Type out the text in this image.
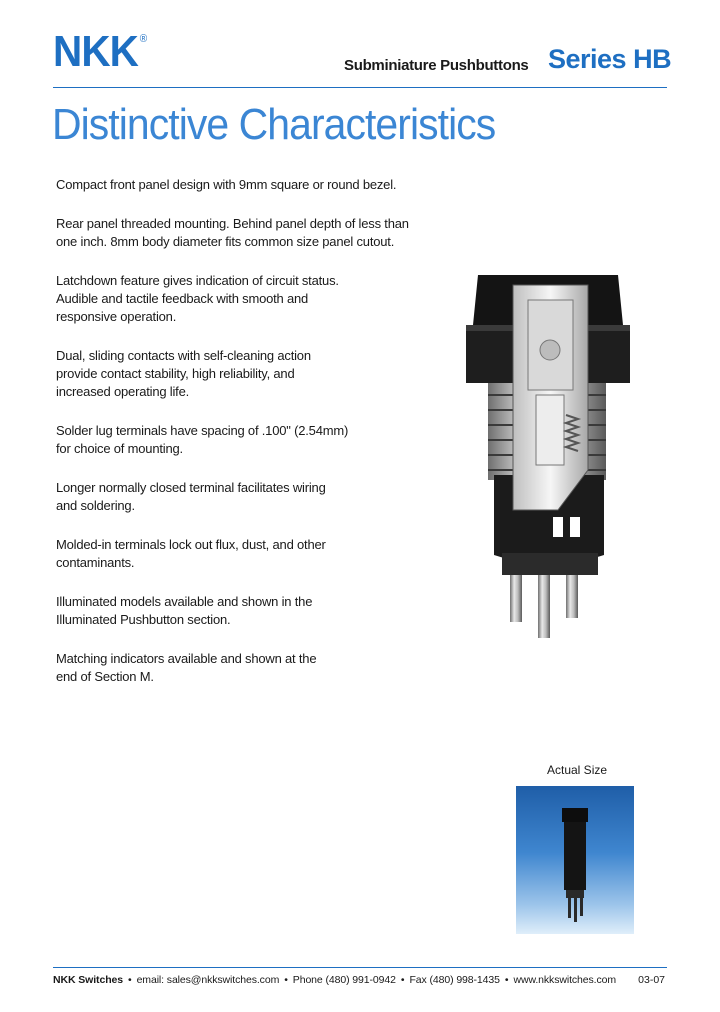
NKK ®
Subminiature Pushbuttons Series HB
Distinctive Characteristics
Compact front panel design with 9mm square or round bezel.
Rear panel threaded mounting. Behind panel depth of less than
one inch. 8mm body diameter fits common size panel cutout.
Latchdown feature gives indication of circuit status.
Audible and tactile feedback with smooth and
responsive operation.
Dual, sliding contacts with self-cleaning action
provide contact stability, high reliability, and
increased operating life.
Solder lug terminals have spacing of .100" (2.54mm)
for choice of mounting.
Longer normally closed terminal facilitates wiring
and soldering.
Molded-in terminals lock out flux, dust, and other
contaminants.
Illuminated models available and shown in the
Illuminated Pushbutton section.
Matching indicators available and shown at the
end of Section M.
Actual Size
NKK Switches • email: sales@nkkswitches.com • Phone (480) 991-0942 • Fax (480) 998-1435 • www.nkkswitches.com	03-07
